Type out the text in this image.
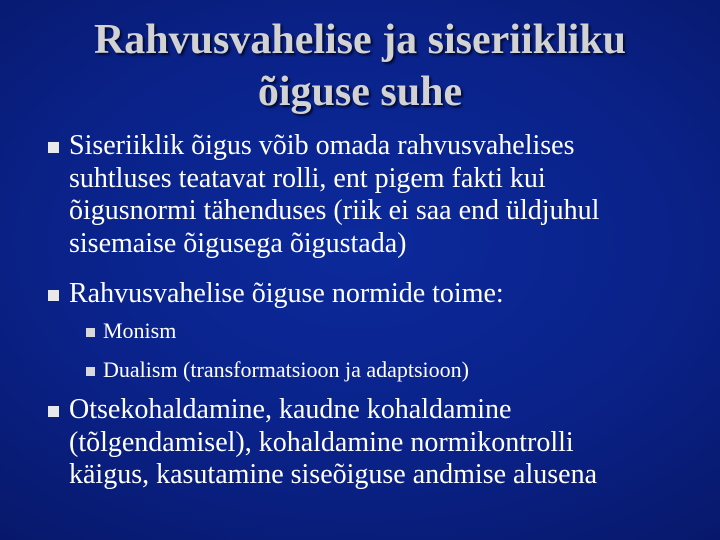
Rahvusvahelise ja siseriikliku
õiguse suhe
Siseriiklik õigus võib omada rahvusvahelises
suhtluses teatavat rolli, ent pigem fakti kui
õigusnormi tähenduses (riik ei saa end üldjuhul
sisemaise õigusega õigustada)
Rahvusvahelise õiguse normide toime:
Monism
Dualism (transformatsioon ja adaptsioon)
Otsekohaldamine, kaudne kohaldamine
(tõlgendamisel), kohaldamine normikontrolli
käigus, kasutamine siseõiguse andmise alusena
